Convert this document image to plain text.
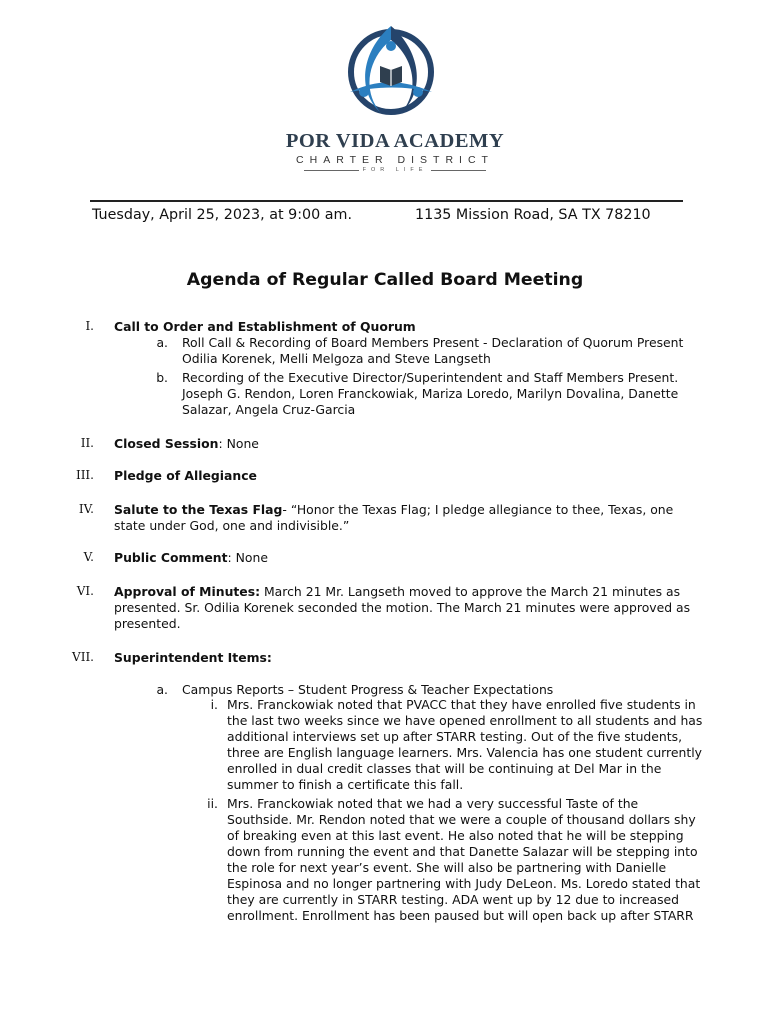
POR VIDA ACADEMY
CHARTER DISTRICT
FOR LIFE
Tuesday, April 25, 2023, at 9:00 am.	1135 Mission Road, SA TX 78210
Agenda of Regular Called Board Meeting
I. Call to Order and Establishment of Quorum
a. Roll Call & Recording of Board Members Present - Declaration of Quorum Present
Odilia Korenek, Melli Melgoza and Steve Langseth
b. Recording of the Executive Director/Superintendent and Staff Members Present.
Joseph G. Rendon, Loren Franckowiak, Mariza Loredo, Marilyn Dovalina, Danette
Salazar, Angela Cruz-Garcia
II. Closed Session: None
III. Pledge of Allegiance
IV. Salute to the Texas Flag- “Honor the Texas Flag; I pledge allegiance to thee, Texas, one
state under God, one and indivisible.”
V. Public Comment: None
VI. Approval of Minutes: March 21 Mr. Langseth moved to approve the March 21 minutes as
presented. Sr. Odilia Korenek seconded the motion. The March 21 minutes were approved as
presented.
VII. Superintendent Items:
a. Campus Reports – Student Progress & Teacher Expectations
i. Mrs. Franckowiak noted that PVACC that they have enrolled five students in
the last two weeks since we have opened enrollment to all students and has
additional interviews set up after STARR testing. Out of the five students,
three are English language learners. Mrs. Valencia has one student currently
enrolled in dual credit classes that will be continuing at Del Mar in the
summer to finish a certificate this fall.
ii. Mrs. Franckowiak noted that we had a very successful Taste of the
Southside. Mr. Rendon noted that we were a couple of thousand dollars shy
of breaking even at this last event. He also noted that he will be stepping
down from running the event and that Danette Salazar will be stepping into
the role for next year’s event. She will also be partnering with Danielle
Espinosa and no longer partnering with Judy DeLeon. Ms. Loredo stated that
they are currently in STARR testing. ADA went up by 12 due to increased
enrollment. Enrollment has been paused but will open back up after STARR
